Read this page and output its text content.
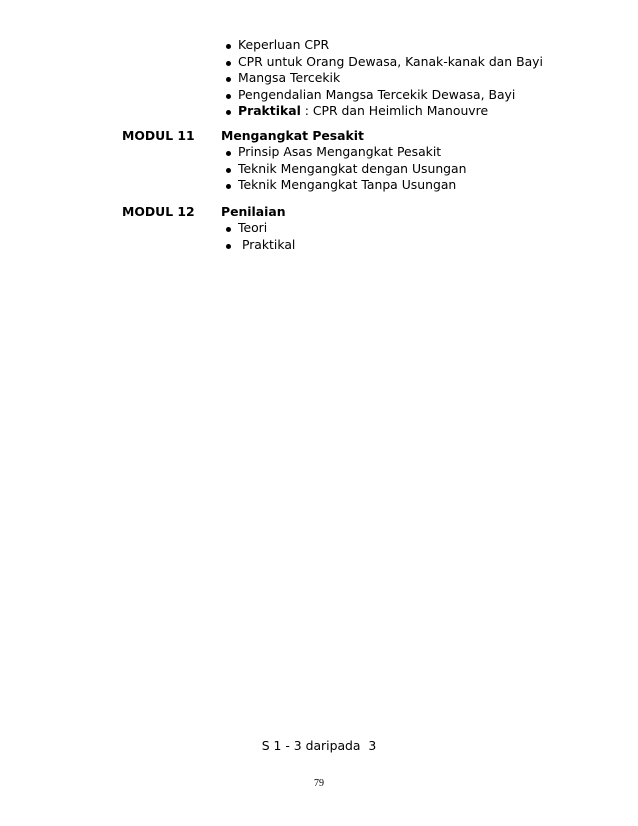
Keperluan CPR
CPR untuk Orang Dewasa, Kanak-kanak dan Bayi
Mangsa Tercekik
Pengendalian Mangsa Tercekik Dewasa, Bayi
Praktikal : CPR dan Heimlich Manouvre
MODUL 11 Mengangkat Pesakit
Prinsip Asas Mengangkat Pesakit
Teknik Mengangkat dengan Usungan
Teknik Mengangkat Tanpa Usungan
MODUL 12 Penilaian
Teori
Praktikal
S 1 - 3 daripada  3
79
